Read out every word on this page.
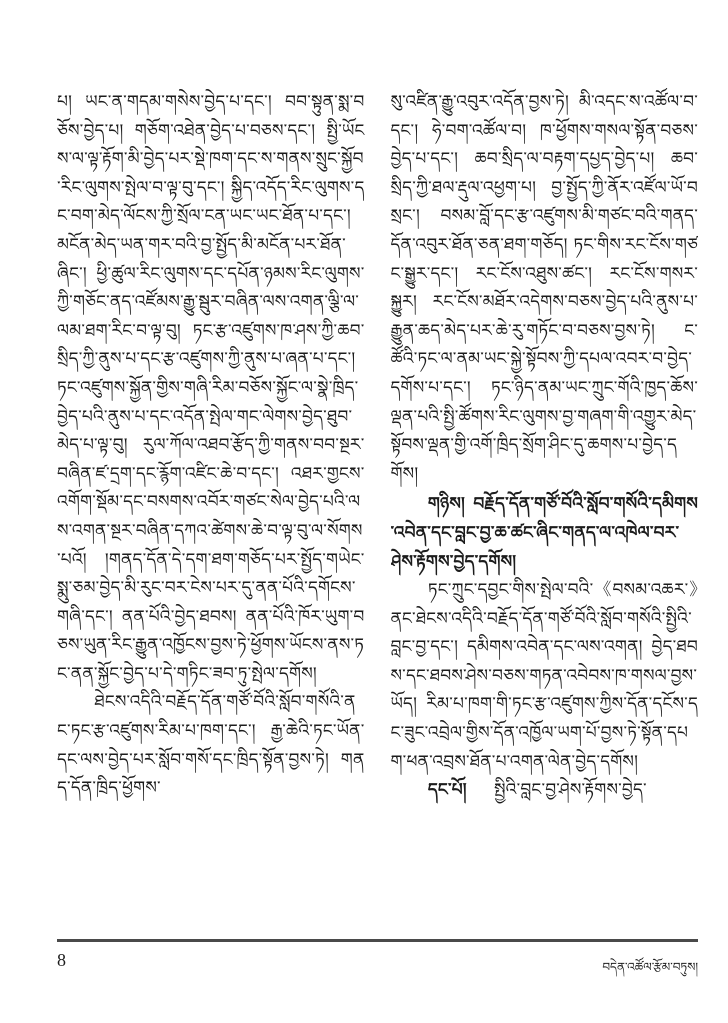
པ། ཡང་ན་གདམ་གསེས་བྱེད་པ་དང་། བབ་སྟུན་སྨ་བཅོས་བྱེད་པ། གཅོག་འཐེན་བྱེད་པ་བཅས་དང་། སྤྱི་ཡོངས་ལ་ལྟ་རྟོག་མི་བྱེད་པར་སྡེ་ཁག་དང་ས་གནས་སྲུང་སྐྱོབ་རིང་ལུགས་སྤེལ་བ་ལྟ་བུ་དང་། སྐྱིད་འདོད་རིང་ལུགས་དང་བག་མེད་ལོངས་ཀྱི་སྲོལ་ངན་ཡང་ཡང་ཐོན་པ་དང་། མངོན་མེད་ཡན་གར་བའི་བྱ་སྤྱོད་མི་མངོན་པར་ཐོན་ཞིང་། ཕྱི་ཚུལ་རིང་ལུགས་དང་དཔོན་ཉམས་རིང་ལུགས་ཀྱི་གཅོང་ནད་འཛོམས་རྒྱུ་སྦུར་བཞིན་ལས་འགན་ལྕི་ལ་ལམ་ཐག་རིང་བ་ལྟ་བུ། ཏང་རྩ་འཛུགས་ཁ་ཤས་ཀྱི་ཆབ་སྲིད་ཀྱི་ནུས་པ་དང་རྩ་འཛུགས་ཀྱི་ནུས་པ་ཞན་པ་དང་། ཏང་འཛུགས་སྐྱོན་གྱིས་གཞི་རིམ་བཅོས་སྐྱོང་ལ་སྣེ་ཁྲིད་བྱེད་པའི་ནུས་པ་དང་འདོན་སྤེལ་གང་ལེགས་བྱེད་ཐུབ་མེད་པ་ལྟ་བུ། རུལ་ཀོལ་འཐབ་རྩོད་ཀྱི་གནས་བབ་སྔར་བཞིན་ཛ་དྲག་དང་རྙོག་འཛིང་ཆེ་བ་དང་། འཐར་གྱངས་འགོག་སྡོམ་དང་བསགས་འབོར་གཙང་སེལ་བྱེད་པའི་ལས་འགན་སྔར་བཞིན་དཀའ་ཚེགས་ཆེ་བ་ལྟ་བུ་ལ་སོགས་པའོ། །གནད་དོན་དེ་དག་ཐག་གཅོད་པར་སྤྱོད་གཡེང་སྨུ་ཅམ་བྱེད་མི་རུང་བར་ངེས་པར་དུ་ནན་པོའི་དགོངས་གཞི་དང་། ནན་པོའི་བྱེད་ཐབས། ནན་པོའི་ཁོར་ཡུག་བཅས་ཡུན་རིང་རྒྱུན་འཁྱོངས་བྱས་ཏེ་ཕྱོགས་ཡོངས་ནས་ཏང་ནན་སྐྱོང་བྱེད་པ་དེ་གཏིང་ཟབ་ཏུ་སྤེལ་དགོས།

ཐེངས་འདིའི་བརྗོད་དོན་གཙོ་བོའི་སློབ་གསོའི་ནང་ཏང་རྩ་འཛུགས་རིམ་པ་ཁག་དང་། རྒྱ་ཆེའི་ཏང་ཡོན་དང་ལས་བྱེད་པར་སློབ་གསོ་དང་ཁྲིད་སྟོན་བྱས་ཏེ། གནད་དོན་ཁྲིད་ཕྱོགས་

སུ་འཛིན་རྒྱུ་འབུར་འདོན་བྱས་ཏེ། མི་འདང་ས་འཚོལ་བ་དང་། ཧེ་བག་འཚོལ་བ། ཁ་ཕྱོགས་གསལ་སྟོན་བཅས་བྱེད་པ་དང་། ཆབ་སྲིད་ལ་བརྟག་དཔྱད་བྱེད་པ། ཆབ་སྲིད་ཀྱི་ཐལ་རྡུལ་འཕྱག་པ། བྱ་སྤྱོད་ཀྱི་ནོར་འཛོལ་ཡོ་བསྲང་། བསམ་བློ་དང་རྩ་འཛུགས་མི་གཙང་བའི་གནད་དོན་འབུར་ཐོན་ཅན་ཐག་གཅོད། ཏང་གིས་རང་ངོས་གཙང་སྒྱུར་དང་། རང་ངོས་འཐུས་ཚང་། རང་ངོས་གསར་སྐྱུར། རང་ངོས་མཐོར་འདེགས་བཅས་བྱེད་པའི་ནུས་པ་རྒྱུན་ཆད་མེད་པར་ཆེ་རུ་གཏོང་བ་བཅས་བྱས་ཏེ། ང་ཚོའི་ཏང་ལ་ནམ་ཡང་སྐྱེ་སྟོབས་ཀྱི་དཔལ་འབར་བ་བྱེད་དགོས་པ་དང་། ཏང་ཉིད་ནམ་ཡང་ཀྲུང་གོའི་ཁྱད་ཆོས་ལྡན་པའི་སྤྱི་ཚོགས་རིང་ལུགས་བྱ་གཞག་གི་འགྱུར་མེད་སྟོབས་ལྡན་གྱི་འགོ་ཁྲིད་སྲོག་ཤིང་དུ་ཆགས་པ་བྱེད་དགོས།

གཉིས། བརྗོད་དོན་གཙོ་བོའི་སློབ་གསོའི་དམིགས་འབེན་དང་བླང་བྱ་ཆ་ཚང་ཞིང་གནད་ལ་འཁེལ་བར་ཤེས་རྟོགས་བྱེད་དགོས།

ཏང་ཀྲུང་དབྱང་གིས་སྤེལ་བའི་《བསམ་འཆར་》ནང་ཐེངས་འདིའི་བརྗོད་དོན་གཙོ་བོའི་སློབ་གསོའི་སྤྱིའི་བླང་བྱ་དང་། དམིགས་འབེན་དང་ལས་འགན། བྱེད་ཐབས་དང་ཐབས་ཤེས་བཅས་གཏན་འབེབས་ཁ་གསལ་བྱས་ཡོད། རིམ་པ་ཁག་གི་ཏང་རྩ་འཛུགས་ཀྱིས་དོན་དངོས་དང་ཟུང་འབྲེལ་གྱིས་དོན་འཁྱོལ་ཡག་པོ་བྱས་ཏེ་སྟོན་དཔག་ཕན་འབྲས་ཐོན་པ་འགན་ལེན་བྱེད་དགོས།

དང་པོ། སྤྱིའི་བླང་བྱ་ཤེས་རྟོགས་བྱེད་

8	བདེན་འཚོལ་རྩོམ་བཏུས།
